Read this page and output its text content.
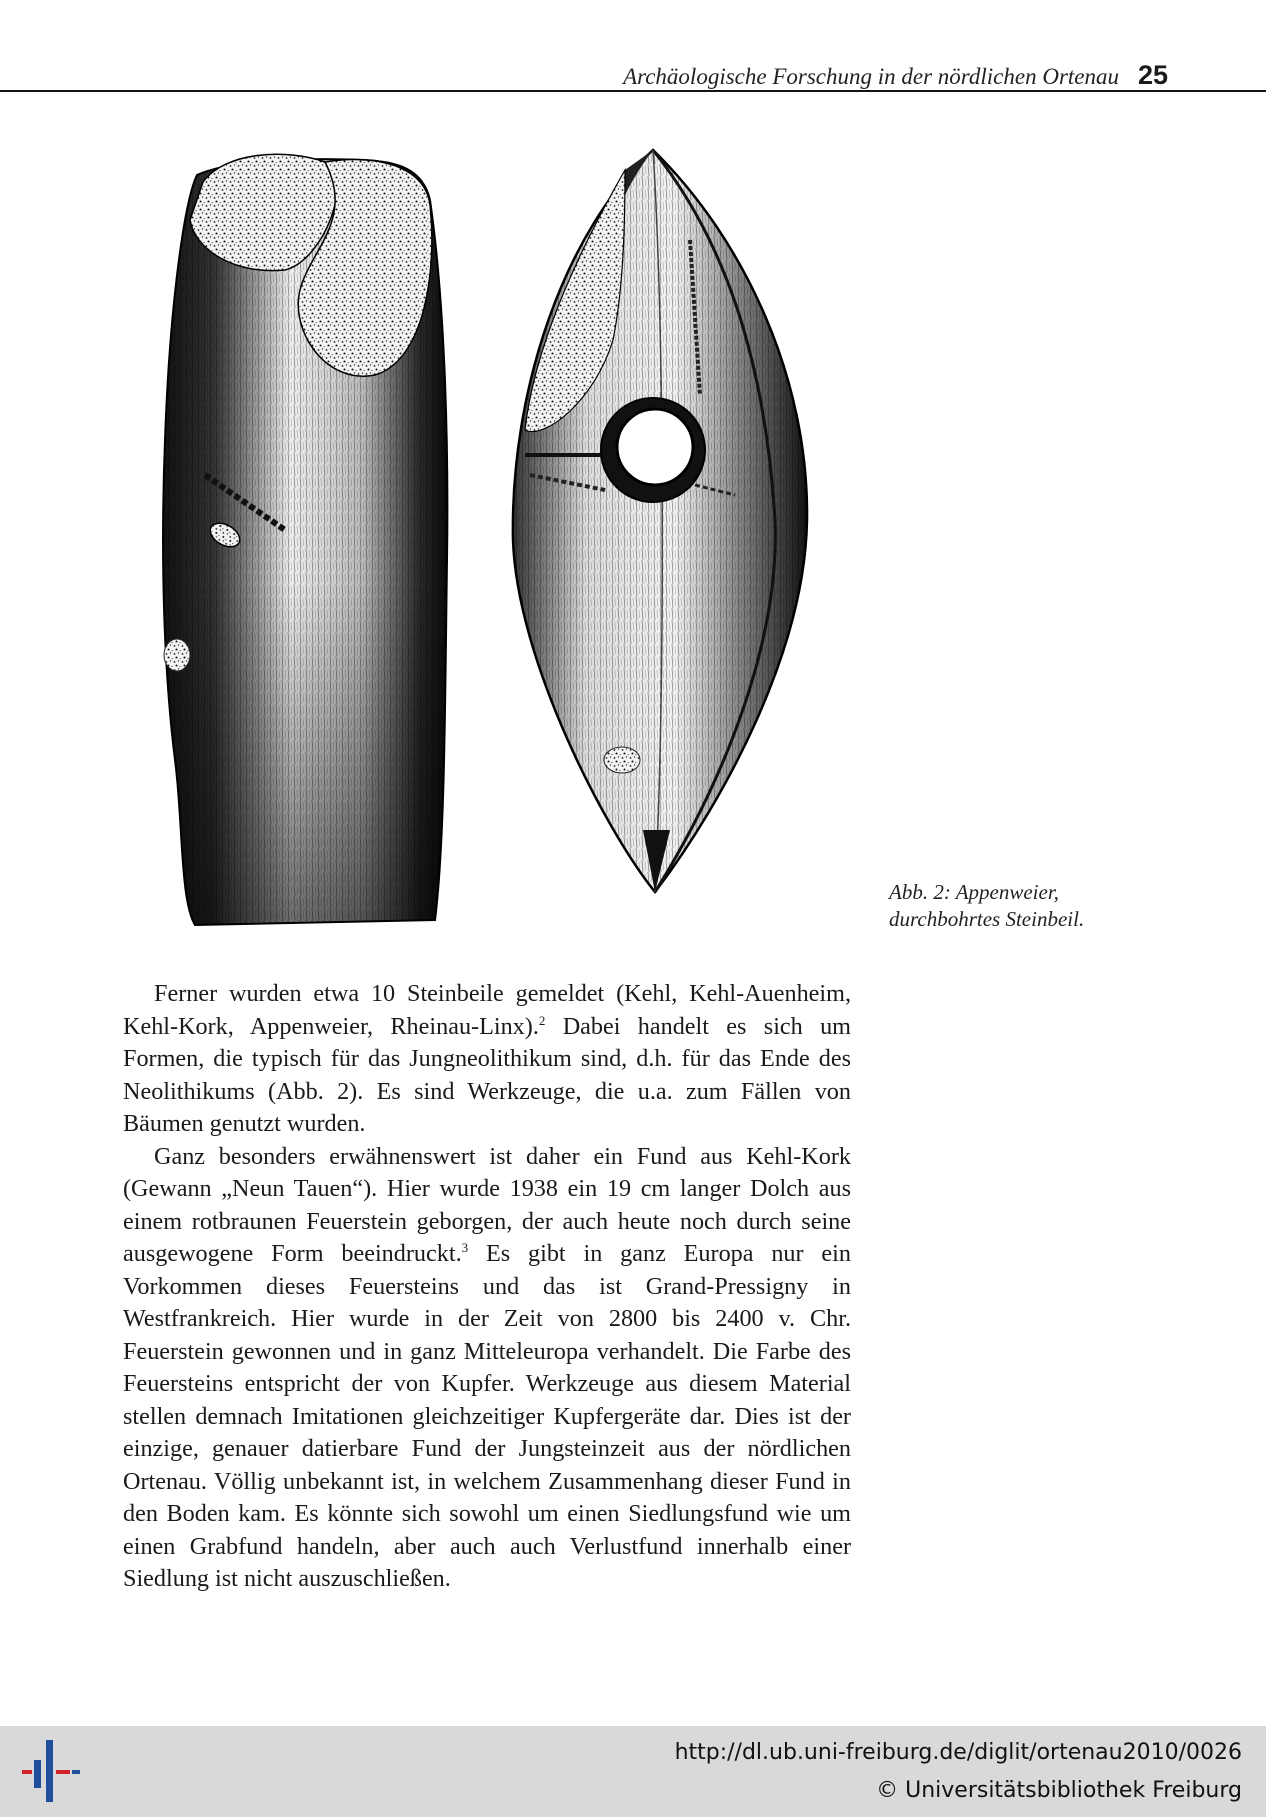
Archäologische Forschung in der nördlichen Ortenau 25
Abb. 2: Appenweier,
durchbohrtes Steinbeil.

Ferner wurden etwa 10 Steinbeile gemeldet (Kehl, Kehl-Auenheim, Kehl-Kork, Appenweier, Rheinau-Linx).$^2$ Dabei handelt es sich um Formen, die typisch für das Jungneolithikum sind, d.h. für das Ende des Neolithikums (Abb. 2). Es sind Werkzeuge, die u.a. zum Fällen von Bäumen genutzt wurden.

Ganz besonders erwähnenswert ist daher ein Fund aus Kehl-Kork (Gewann „Neun Tauen“). Hier wurde 1938 ein 19 cm langer Dolch aus einem rotbraunen Feuerstein geborgen, der auch heute noch durch seine ausgewogene Form beeindruckt.$^3$ Es gibt in ganz Europa nur ein Vorkommen dieses Feuersteins und das ist Grand-Pressigny in Westfrankreich. Hier wurde in der Zeit von 2800 bis 2400 v. Chr. Feuerstein gewonnen und in ganz Mitteleuropa verhandelt. Die Farbe des Feuersteins entspricht der von Kupfer. Werkzeuge aus diesem Material stellen demnach Imitationen gleichzeitiger Kupfergeräte dar. Dies ist der einzige, genauer datierbare Fund der Jungsteinzeit aus der nördlichen Ortenau. Völlig unbekannt ist, in welchem Zusammenhang dieser Fund in den Boden kam. Es könnte sich sowohl um einen Siedlungsfund wie um einen Grabfund handeln, aber auch auch Verlustfund innerhalb einer Siedlung ist nicht auszuschließen.

http://dl.ub.uni-freiburg.de/diglit/ortenau2010/0026
© Universitätsbibliothek Freiburg
